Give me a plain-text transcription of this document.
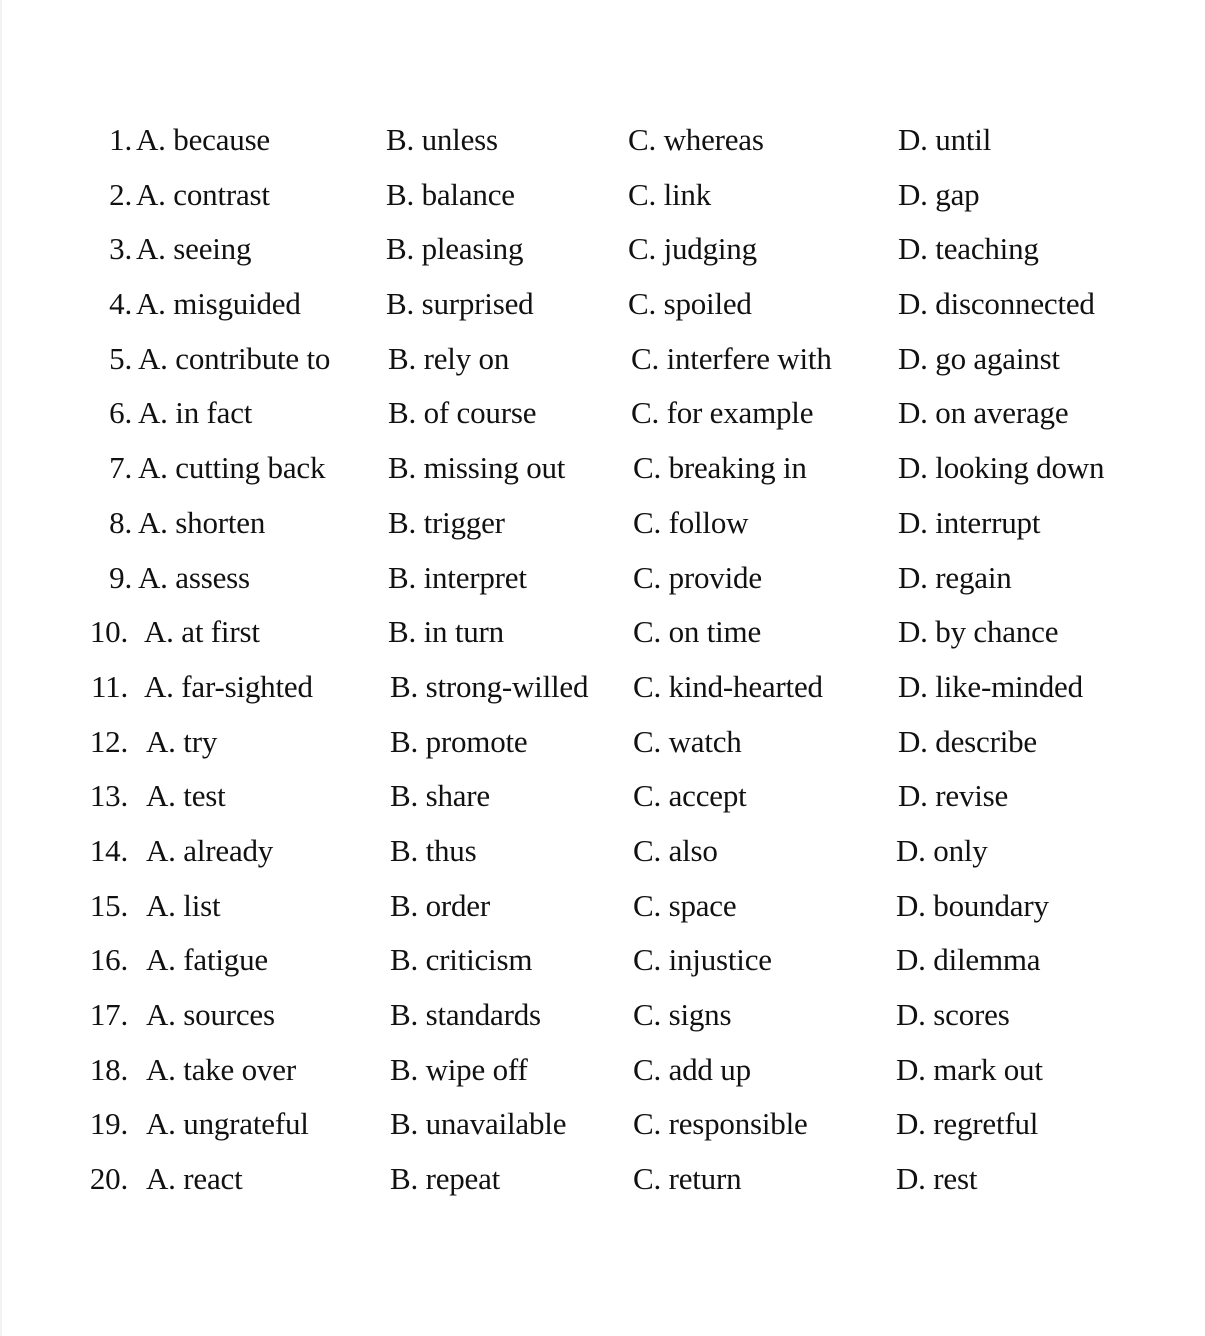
1. A. because	B. unless	C. whereas	D. until
2. A. contrast	B. balance	C. link	D. gap
3. A. seeing	B. pleasing	C. judging	D. teaching
4. A. misguided	B. surprised	C. spoiled	D. disconnected
5. A. contribute to B. rely on	C. interfere with D. go against
6. A. in fact	B. of course	C. for example	D. on average
7. A. cutting back B. missing out C. breaking in	D. looking down
8. A. shorten	B. trigger	C. follow	D. interrupt
9. A. assess	B. interpret	C. provide	D. regain
10. A. at first	B. in turn	C. on time	D. by chance
11. A. far-sighted B. strong-willed C. kind-hearted D. like-minded
12. A. try	B. promote	C. watch	D. describe
13. A. test	B. share	C. accept	D. revise
14. A. already	B. thus	C. also	D. only
15. A. list	B. order	C. space	D. boundary
16. A. fatigue	B. criticism	C. injustice	D. dilemma
17. A. sources	B. standards	C. signs	D. scores
18. A. take over	B. wipe off	C. add up	D. mark out
19. A. ungrateful	B. unavailable C. responsible	D. regretful
20. A. react	B. repeat	C. return	D. rest
